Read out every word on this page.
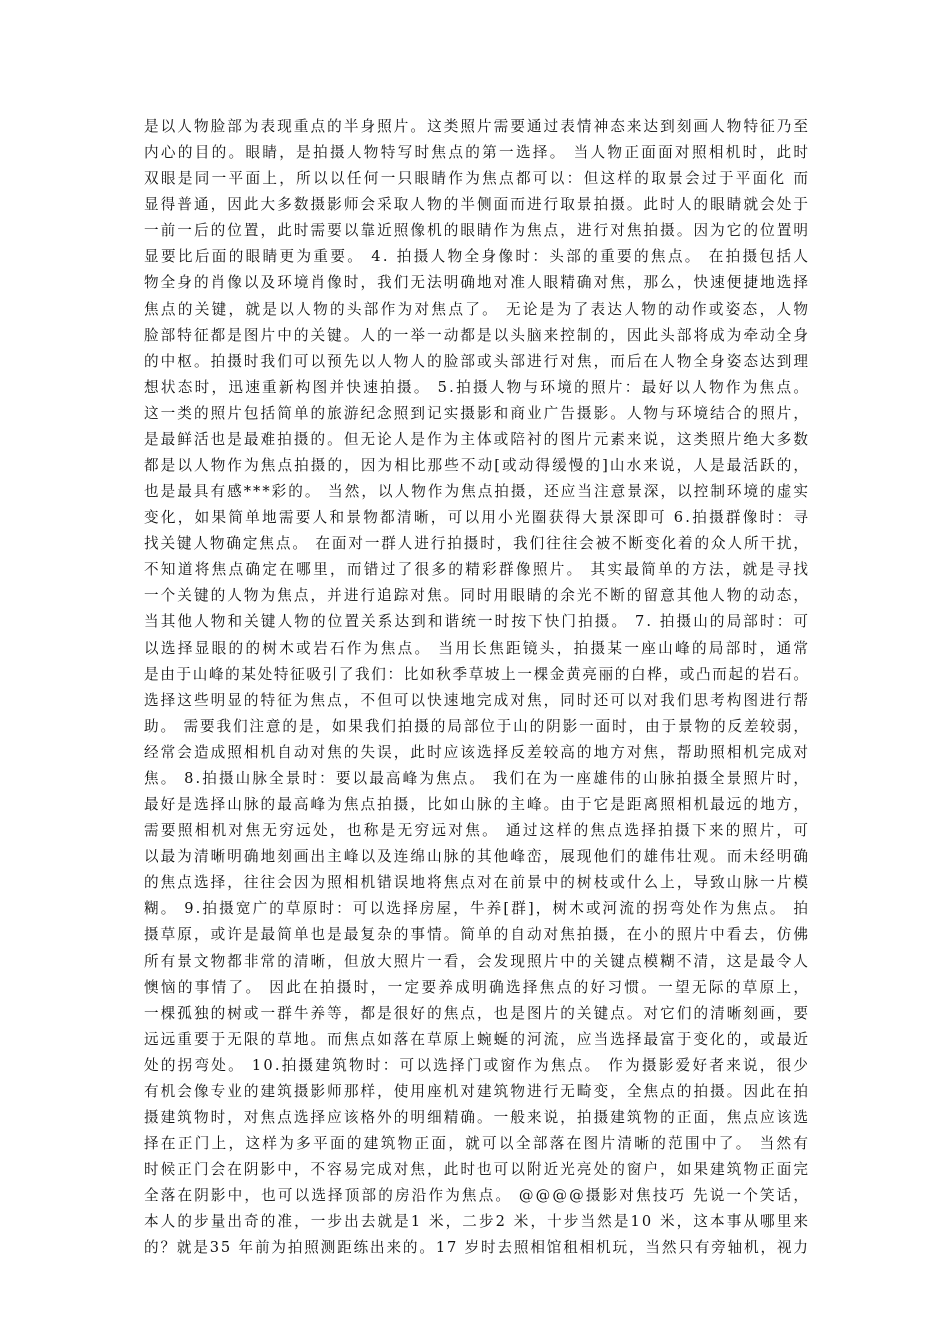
是以人物脸部为表现重点的半身照片。这类照片需要通过表情神态来达到刻画人物特征乃至
内心的目的。眼睛，是拍摄人物特写时焦点的第一选择。 当人物正面面对照相机时，此时
双眼是同一平面上，所以以任何一只眼睛作为焦点都可以：但这样的取景会过于平面化 而
显得普通，因此大多数摄影师会采取人物的半侧面而进行取景拍摄。此时人的眼睛就会处于
一前一后的位置，此时需要以靠近照像机的眼睛作为焦点，进行对焦拍摄。因为它的位置明
显要比后面的眼睛更为重要。 4. 拍摄人物全身像时：头部的重要的焦点。 在拍摄包括人
物全身的肖像以及环境肖像时，我们无法明确地对准人眼精确对焦，那么，快速便捷地选择
焦点的关键，就是以人物的头部作为对焦点了。 无论是为了表达人物的动作或姿态，人物
脸部特征都是图片中的关键。人的一举一动都是以头脑来控制的，因此头部将成为牵动全身
的中枢。拍摄时我们可以预先以人物人的脸部或头部进行对焦，而后在人物全身姿态达到理
想状态时，迅速重新构图并快速拍摄。 5.拍摄人物与环境的照片：最好以人物作为焦点。
这一类的照片包括简单的旅游纪念照到记实摄影和商业广告摄影。人物与环境结合的照片，
是最鲜活也是最难拍摄的。但无论人是作为主体或陪衬的图片元素来说，这类照片绝大多数
都是以人物作为焦点拍摄的，因为相比那些不动[或动得缓慢的]山水来说，人是最活跃的，
也是最具有感***彩的。 当然，以人物作为焦点拍摄，还应当注意景深，以控制环境的虚实
变化，如果简单地需要人和景物都清晰，可以用小光圈获得大景深即可 6.拍摄群像时：寻
找关键人物确定焦点。 在面对一群人进行拍摄时，我们往往会被不断变化着的众人所干扰，
不知道将焦点确定在哪里，而错过了很多的精彩群像照片。 其实最简单的方法，就是寻找
一个关键的人物为焦点，并进行追踪对焦。同时用眼睛的余光不断的留意其他人物的动态，
当其他人物和关键人物的位置关系达到和谐统一时按下快门拍摄。 7. 拍摄山的局部时：可
以选择显眼的的树木或岩石作为焦点。 当用长焦距镜头，拍摄某一座山峰的局部时，通常
是由于山峰的某处特征吸引了我们：比如秋季草坡上一棵金黄亮丽的白桦，或凸而起的岩石。
选择这些明显的特征为焦点，不但可以快速地完成对焦，同时还可以对我们思考构图进行帮
助。 需要我们注意的是，如果我们拍摄的局部位于山的阴影一面时，由于景物的反差较弱，
经常会造成照相机自动对焦的失误，此时应该选择反差较高的地方对焦，帮助照相机完成对
焦。 8.拍摄山脉全景时：要以最高峰为焦点。 我们在为一座雄伟的山脉拍摄全景照片时，
最好是选择山脉的最高峰为焦点拍摄，比如山脉的主峰。由于它是距离照相机最远的地方，
需要照相机对焦无穷远处，也称是无穷远对焦。 通过这样的焦点选择拍摄下来的照片，可
以最为清晰明确地刻画出主峰以及连绵山脉的其他峰峦，展现他们的雄伟壮观。而未经明确
的焦点选择，往往会因为照相机错误地将焦点对在前景中的树枝或什么上，导致山脉一片模
糊。 9.拍摄宽广的草原时：可以选择房屋，牛养[群]，树木或河流的拐弯处作为焦点。 拍
摄草原，或许是最简单也是最复杂的事情。简单的自动对焦拍摄，在小的照片中看去，仿佛
所有景文物都非常的清晰，但放大照片一看，会发现照片中的关键点模糊不清，这是最令人
懊恼的事情了。 因此在拍摄时，一定要养成明确选择焦点的好习惯。一望无际的草原上，
一棵孤独的树或一群牛养等，都是很好的焦点，也是图片的关键点。对它们的清晰刻画，要
远远重要于无限的草地。而焦点如落在草原上蜿蜒的河流，应当选择最富于变化的，或最近
处的拐弯处。 10.拍摄建筑物时：可以选择门或窗作为焦点。 作为摄影爱好者来说，很少
有机会像专业的建筑摄影师那样，使用座机对建筑物进行无畸变，全焦点的拍摄。因此在拍
摄建筑物时，对焦点选择应该格外的明细精确。一般来说，拍摄建筑物的正面，焦点应该选
择在正门上，这样为多平面的建筑物正面，就可以全部落在图片清晰的范围中了。 当然有
时候正门会在阴影中，不容易完成对焦，此时也可以附近光亮处的窗户，如果建筑物正面完
全落在阴影中，也可以选择顶部的房沿作为焦点。 @@@@摄影对焦技巧 先说一个笑话，
本人的步量出奇的准，一步出去就是1 米，二步2 米，十步当然是10 米，这本事从哪里来
的？就是35 年前为拍照测距练出来的。17 岁时去照相馆租相机玩，当然只有旁轴机，视力
